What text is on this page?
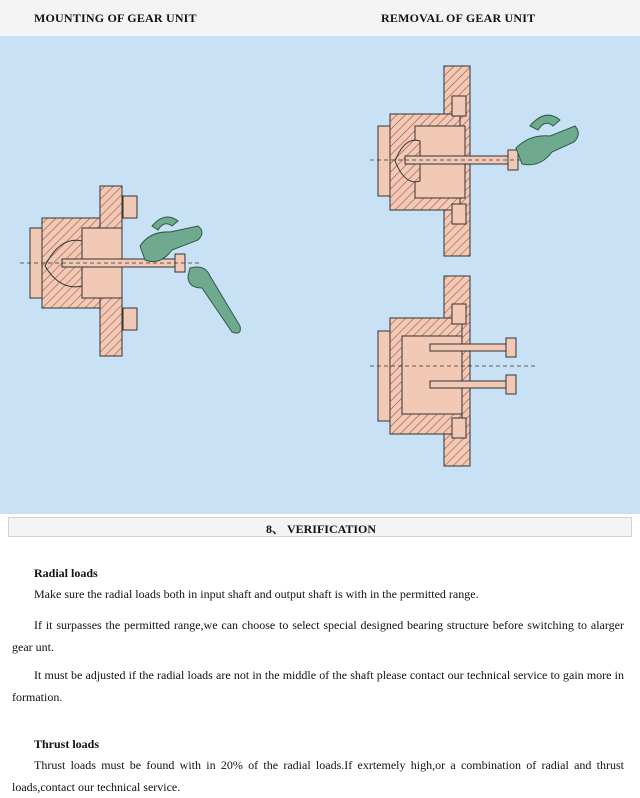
MOUNTING OF GEAR UNIT	REMOVAL OF GEAR UNIT
8、 VERIFICATION
Radial loads

Make sure the radial loads both in input shaft and output shaft is with in the permitted range.

If it surpasses the permitted range,we can choose to select special designed bearing structure before switching to alarger gear unt.

It must be adjusted if the radial loads are not in the middle of the shaft please contact our technical service to gain more in formation.

Thrust loads

Thrust loads must be found with in 20% of the radial loads.If exrtemely high,or a combination of radial and thrust loads,contact our technical service.
